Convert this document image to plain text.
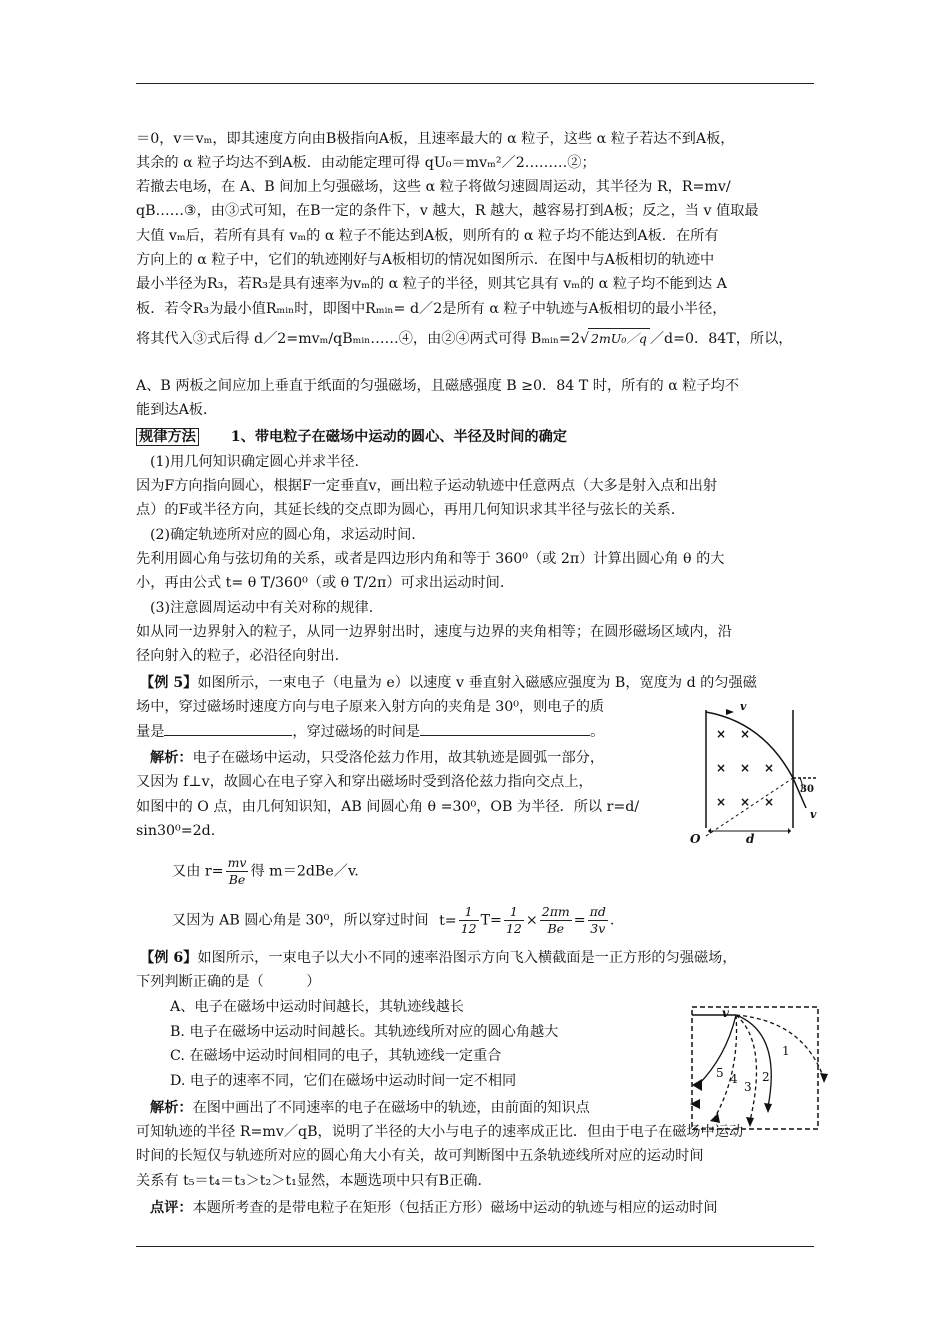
＝0，v＝vₘ，即其速度方向由B极指向A板，且速率最大的 α 粒子，这些 α 粒子若达不到A板，
其余的 α 粒子均达不到A板．由动能定理可得 qU₀＝mvₘ²／2………②；
若撤去电场，在 A、B 间加上匀强磁场，这些 α 粒子将做匀速圆周运动，其半径为 R，R=mv/
qB……③，由③式可知，在B一定的条件下，v 越大，R 越大，越容易打到A板；反之，当 v 值取最
大值 vₘ后，若所有具有 vₘ的 α 粒子不能达到A板，则所有的 α 粒子均不能达到A板．在所有
方向上的 α 粒子中，它们的轨迹刚好与A板相切的情况如图所示．在图中与A板相切的轨迹中
最小半径为R₃，若R₃是具有速率为vₘ的 α 粒子的半径，则其它具有 vₘ的 α 粒子均不能到达 A
板．若令R₃为最小值Rₘᵢₙ时，即图中Rₘᵢₙ= d／2是所有 α 粒子中轨迹与A板相切的最小半径，
将其代入③式后得 d／2=mvₘ/qBₘᵢₙ……④，由②④两式可得 Bₘᵢₙ=2√ 2mU₀／q ／d=0．84T，所以，
A、B 两板之间应加上垂直于纸面的匀强磁场，且磁感强度 B ≥0．84 T 时，所有的 α 粒子均不
能到达A板．
规律方法 1、带电粒子在磁场中运动的圆心、半径及时间的确定
(1)用几何知识确定圆心并求半径.
因为F方向指向圆心，根据F一定垂直v，画出粒子运动轨迹中任意两点（大多是射入点和出射
点）的F或半径方向，其延长线的交点即为圆心，再用几何知识求其半径与弦长的关系.
(2)确定轨迹所对应的圆心角，求运动时间.
先利用圆心角与弦切角的关系，或者是四边形内角和等于 360⁰（或 2π）计算出圆心角 θ 的大
小，再由公式 t= θ T/360⁰（或 θ T/2π）可求出运动时间.
(3)注意圆周运动中有关对称的规律.
如从同一边界射入的粒子，从同一边界射出时，速度与边界的夹角相等；在圆形磁场区域内，沿
径向射入的粒子，必沿径向射出.
【例 5】如图所示，一束电子（电量为 e）以速度 v 垂直射入磁感应强度为 B，宽度为 d 的匀强磁
场中，穿过磁场时速度方向与电子原来入射方向的夹角是 30⁰，则电子的质
量是	，穿过磁场的时间是	。
解析：电子在磁场中运动，只受洛伦兹力作用，故其轨迹是圆弧一部分，
又因为 f⊥v，故圆心在电子穿入和穿出磁场时受到洛伦兹力指向交点上，
如图中的 O 点，由几何知识知，AB 间圆心角 θ =30⁰，OB 为半径．所以 r=d/
sin30⁰=2d.
又由 $r= \frac{mv}{Be}$ 得 m＝2dBe／v.
又因为 AB 圆心角是 30⁰，所以穿过时间 $t= \frac{1}{12} T= \frac{1}{12} \times \frac{2\pi m}{Be} = \frac{\pi d}{3v}$ .
【例 6】如图所示，一束电子以大小不同的速率沿图示方向飞入横截面是一正方形的匀强磁场，
下列判断正确的是（　　　）
A、电子在磁场中运动时间越长，其轨迹线越长
B. 电子在磁场中运动时间越长。其轨迹线所对应的圆心角越大
C. 在磁场中运动时间相同的电子，其轨迹线一定重合
D. 电子的速率不同，它们在磁场中运动时间一定不相同
解析：在图中画出了不同速率的电子在磁场中的轨迹，由前面的知识点
可知轨迹的半径 R=mv／qB，说明了半径的大小与电子的速率成正比．但由于电子在磁场中运动
时间的长短仅与轨迹所对应的圆心角大小有关，故可判断图中五条轨迹线所对应的运动时间
关系有 t₅＝t₄＝t₃＞t₂＞t₁显然，本题选项中只有B正确．
点评：本题所考查的是带电粒子在矩形（包括正方形）磁场中运动的轨迹与相应的运动时间
× ×
× × ×
× × ×
v
v
O	d
30
v
1
2
3
4
5
